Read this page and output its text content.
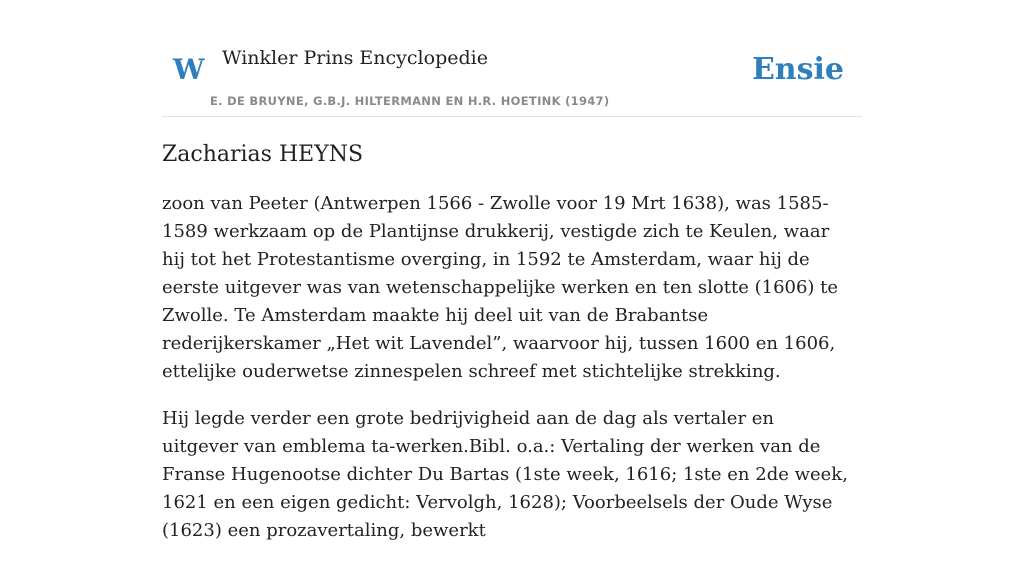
W Winkler Prins Encyclopedie
E. DE BRUYNE, G.B.J. HILTERMANN EN H.R. HOETINK (1947)
Ensie
Zacharias HEYNS

zoon van Peeter (Antwerpen 1566 - Zwolle voor 19 Mrt 1638), was 1585-1589 werkzaam op de Plantijnse drukkerij, vestigde zich te Keulen, waar hij tot het Protestantisme overging, in 1592 te Amsterdam, waar hij de eerste uitgever was van wetenschappelijke werken en ten slotte (1606) te Zwolle. Te Amsterdam maakte hij deel uit van de Brabantse rederijkerskamer „Het wit Lavendel”, waarvoor hij, tussen 1600 en 1606, ettelijke ouderwetse zinnespelen schreef met stichtelijke strekking.

Hij legde verder een grote bedrijvigheid aan de dag als vertaler en uitgever van emblema ta-werken.Bibl. o.a.: Vertaling der werken van de Franse Hugenootse dichter Du Bartas (1ste week, 1616; 1ste en 2de week, 1621 en een eigen gedicht: Vervolgh, 1628); Voorbeelsels der Oude Wyse (1623) een prozavertaling, bewerkt
